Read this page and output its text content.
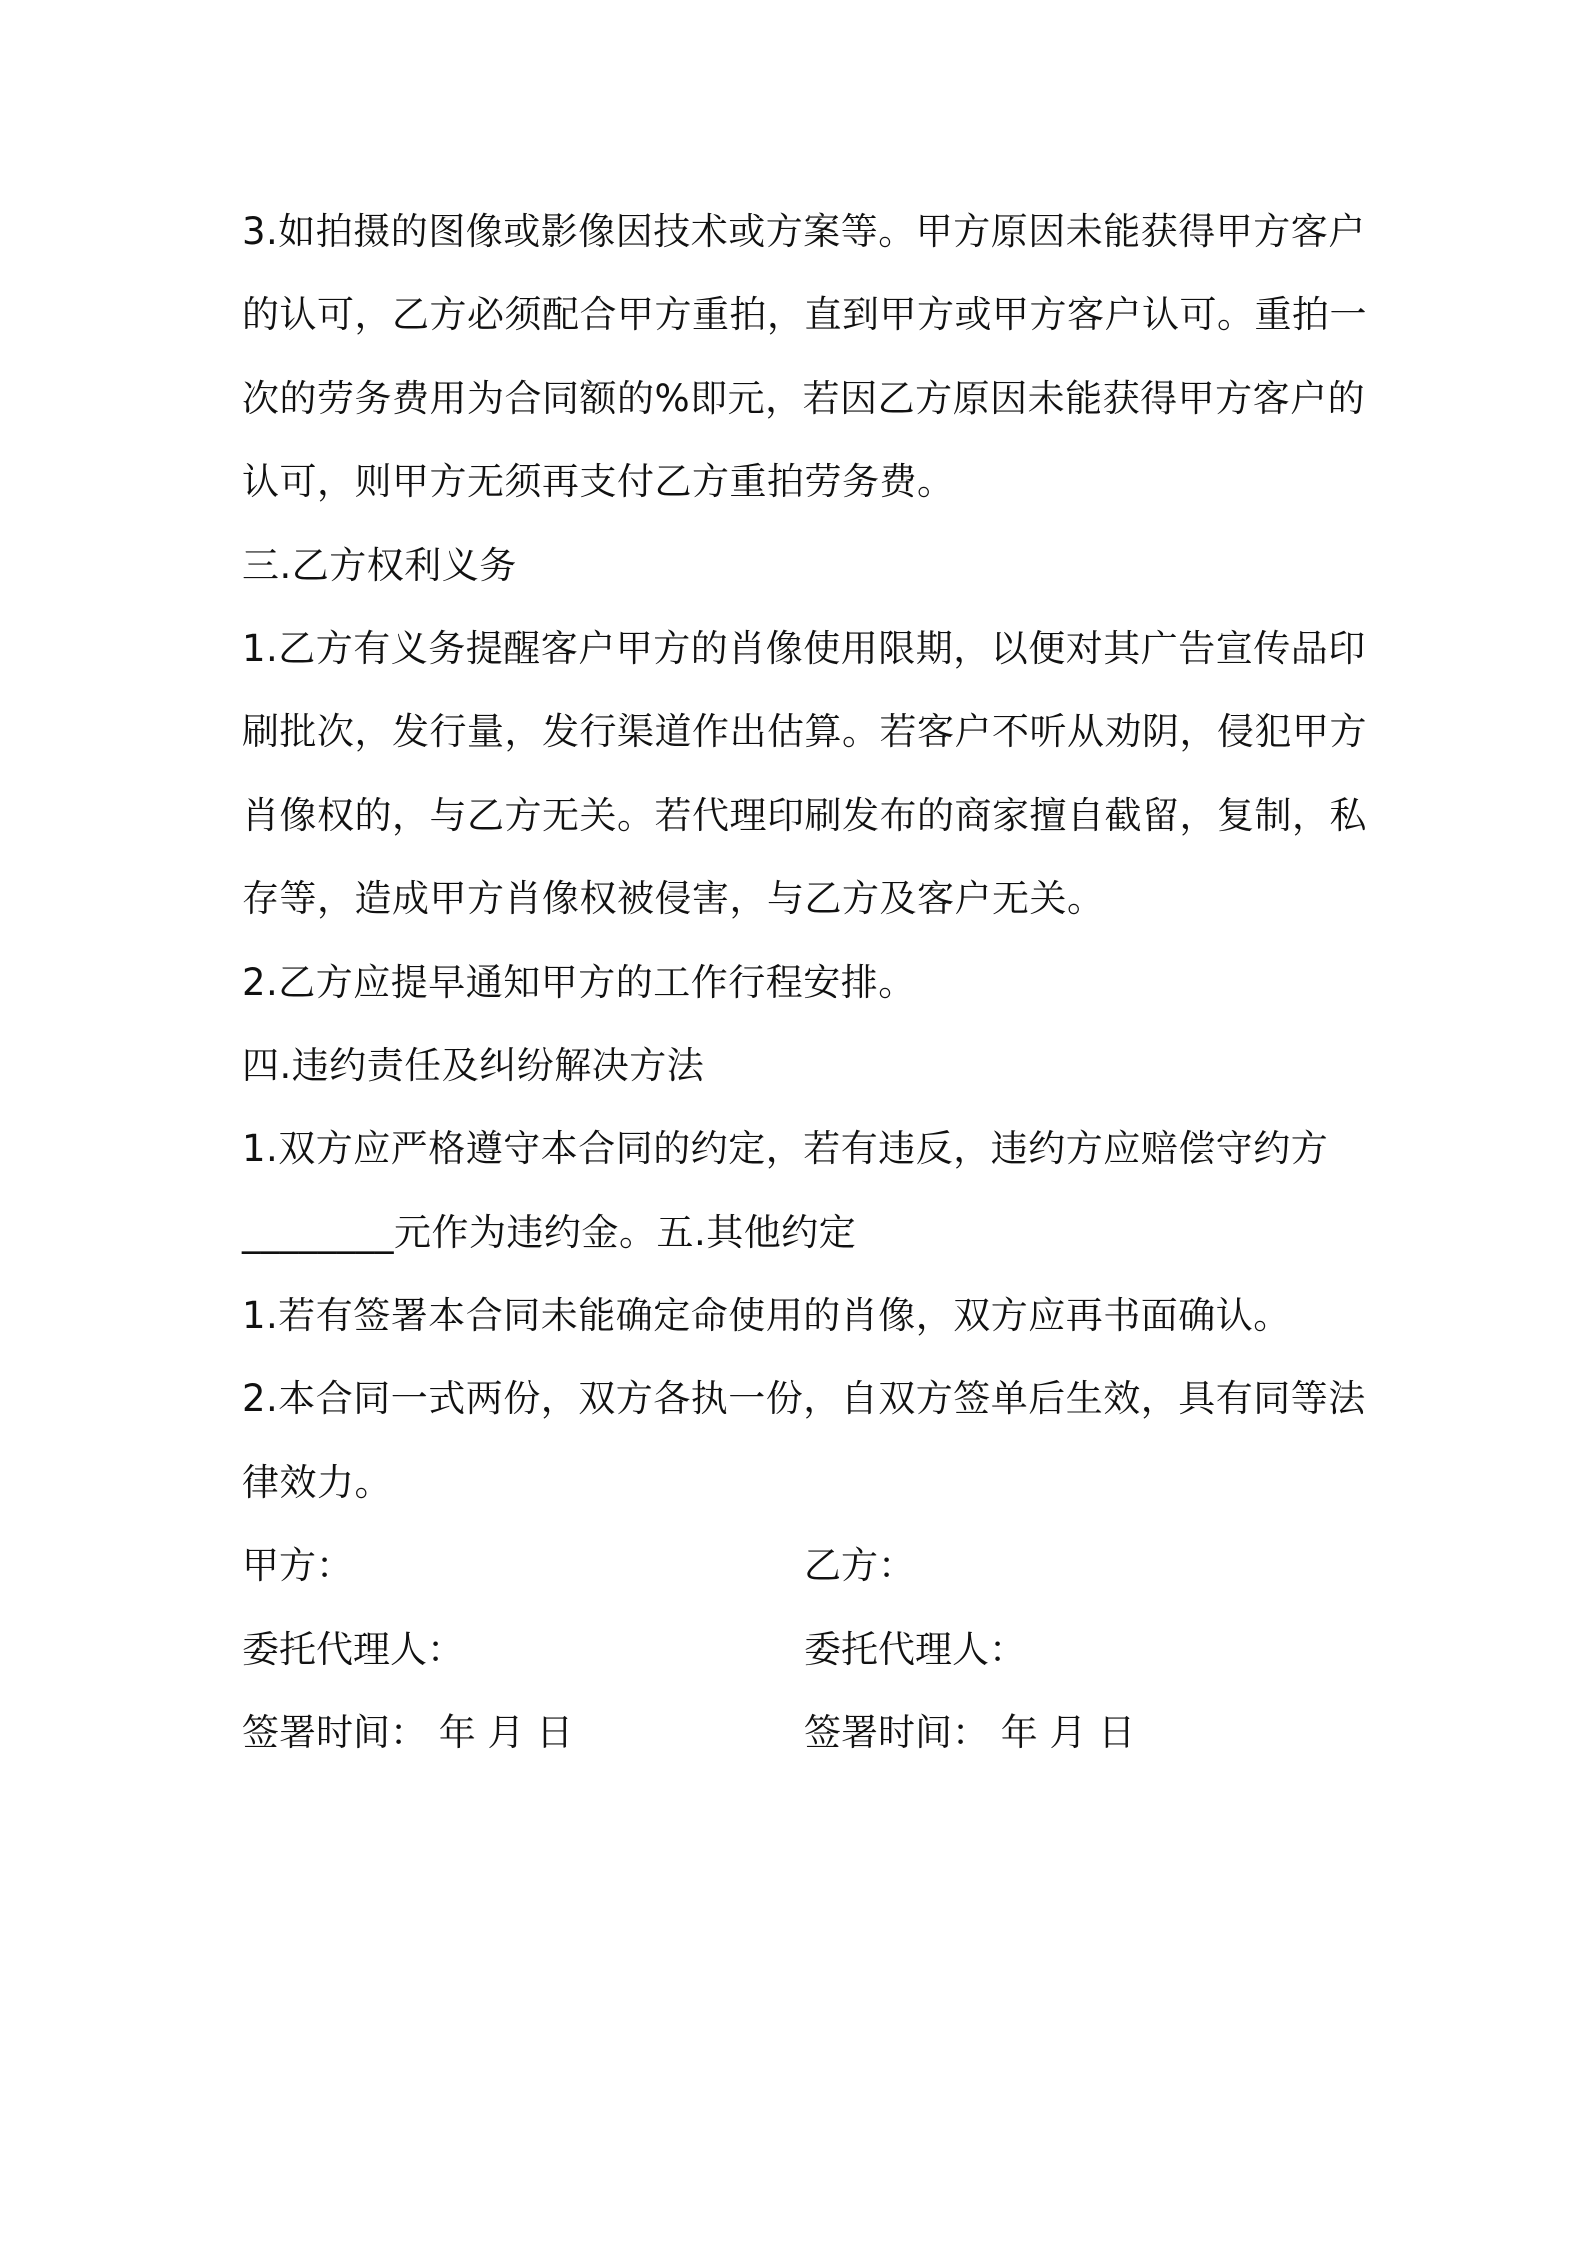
3.如拍摄的图像或影像因技术或方案等。甲方原因未能获得甲方客户
的认可，乙方必须配合甲方重拍，直到甲方或甲方客户认可。重拍一
次的劳务费用为合同额的%即元，若因乙方原因未能获得甲方客户的
认可，则甲方无须再支付乙方重拍劳务费。
三.乙方权利义务
1.乙方有义务提醒客户甲方的肖像使用限期，以便对其广告宣传品印
刷批次，发行量，发行渠道作出估算。若客户不听从劝阴，侵犯甲方
肖像权的，与乙方无关。若代理印刷发布的商家擅自截留，复制，私
存等，造成甲方肖像权被侵害，与乙方及客户无关。
2.乙方应提早通知甲方的工作行程安排。
四.违约责任及纠纷解决方法
1.双方应严格遵守本合同的约定，若有违反，违约方应赔偿守约方
________元作为违约金。五.其他约定
1.若有签署本合同未能确定命使用的肖像，双方应再书面确认。
2.本合同一式两份，双方各执一份，自双方签单后生效，具有同等法
律效力。
甲方：	乙方：
委托代理人：	委托代理人：
签署时间： 年 月 日	签署时间： 年 月 日
